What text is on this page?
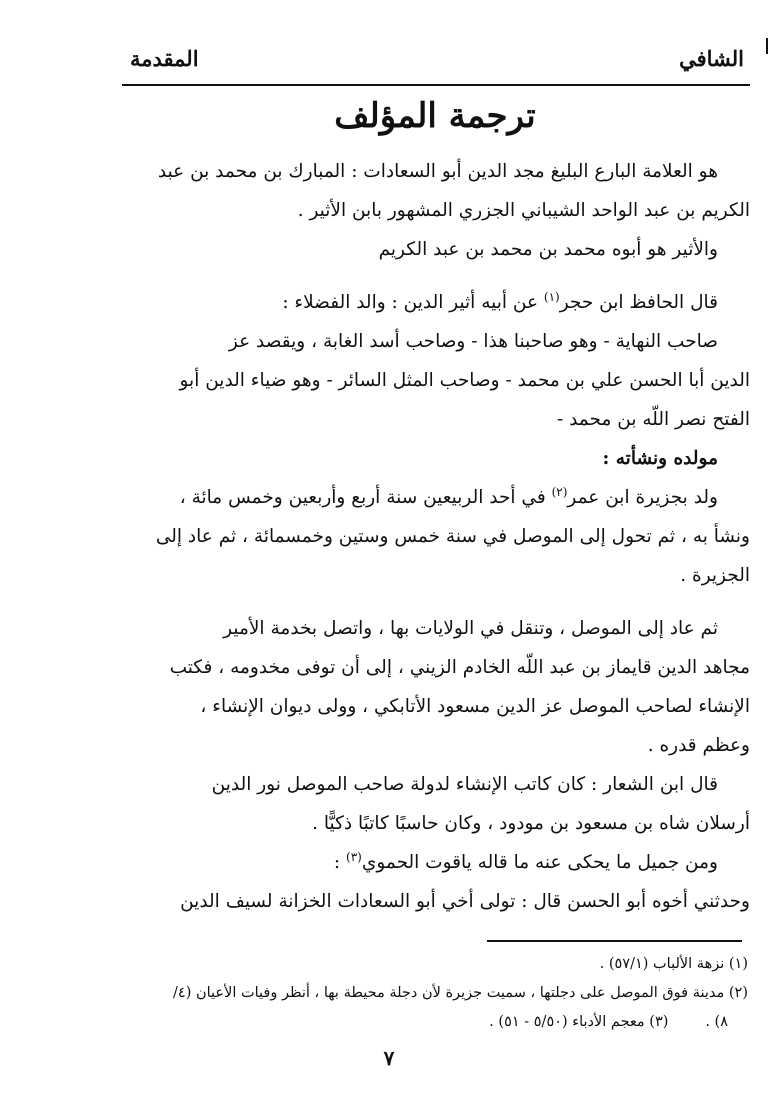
الشافي
المقدمة
ترجمة المؤلف
هو العلامة البارع البليغ مجد الدين أبو السعادات : المبارك بن محمد بن عبد
الكريم بن عبد الواحد الشيباني الجزري المشهور بابن الأثير .
والأثير هو أبوه محمد بن محمد بن عبد الكريم
قال الحافظ ابن حجر$^{(١)}$ عن أبيه أثير الدين : والد الفضلاء :
صاحب النهاية - وهو صاحبنا هذا - وصاحب أسد الغابة ، ويقصد عز
الدين أبا الحسن علي بن محمد - وصاحب المثل السائر - وهو ضياء الدين أبو
الفتح نصر اللّه بن محمد -
مولده ونشأته :
ولد بجزيرة ابن عمر$^{(٢)}$ في أحد الربيعين سنة أربع وأربعين وخمس مائة ،
ونشأ به ، ثم تحول إلى الموصل في سنة خمس وستين وخمسمائة ، ثم عاد إلى
الجزيرة .
ثم عاد إلى الموصل ، وتنقل في الولايات بها ، واتصل بخدمة الأمير
مجاهد الدين قايماز بن عبد اللّه الخادم الزيني ، إلى أن توفى مخدومه ، فكتب
الإنشاء لصاحب الموصل عز الدين مسعود الأتابكي ، وولى ديوان الإنشاء ،
وعظم قدره .
قال ابن الشعار : كان كاتب الإنشاء لدولة صاحب الموصل نور الدين
أرسلان شاه بن مسعود بن مودود ، وكان حاسبًا كاتبًا ذكيًّا .
ومن جميل ما يحكى عنه ما قاله ياقوت الحموي$^{(٣)}$ :
وحدثني أخوه أبو الحسن قال : تولى أخي أبو السعادات الخزانة لسيف الدين
(١) نزهة الألباب (٥٧/١) .
(٢) مدينة فوق الموصل على دجلتها ، سميت جزيرة لأن دجلة محيطة بها ، أنظر وفيات الأعيان (٤/
٨) .        (٣) معجم الأدباء (٥/٥٠ - ٥١) .
٧
